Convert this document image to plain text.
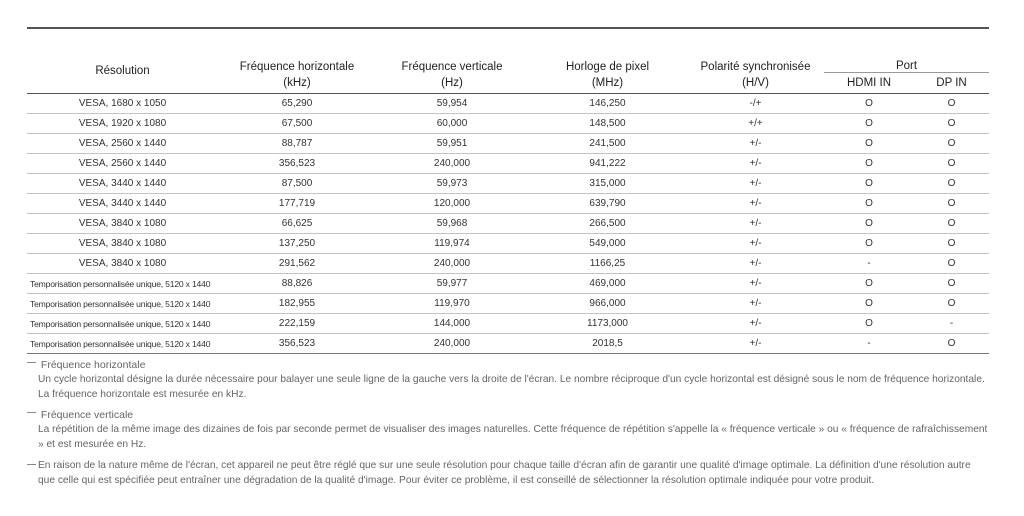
Résolution	Fréquence horizontale	Fréquence verticale	Horloge de pixel	Polarité synchronisée	Port	
	(kHz)	(Hz)	(MHz)	(H/V)	HDMI IN	DP IN
VESA, 1680 x 1050	65,290	59,954	146,250	-/+	O	O
VESA, 1920 x 1080	67,500	60,000	148,500	+/+	O	O
VESA, 2560 x 1440	88,787	59,951	241,500	+/-	O	O
VESA, 2560 x 1440	356,523	240,000	941,222	+/-	O	O
VESA, 3440 x 1440	87,500	59,973	315,000	+/-	O	O
VESA, 3440 x 1440	177,719	120,000	639,790	+/-	O	O
VESA, 3840 x 1080	66,625	59,968	266,500	+/-	O	O
VESA, 3840 x 1080	137,250	119,974	549,000	+/-	O	O
VESA, 3840 x 1080	291,562	240,000	1166,25	+/-	-	O
Temporisation personnalisée unique, 5120 x 1440	88,826	59,977	469,000	+/-	O	O
Temporisation personnalisée unique, 5120 x 1440	182,955	119,970	966,000	+/-	O	O
Temporisation personnalisée unique, 5120 x 1440	222,159	144,000	1173,000	+/-	O	-
Temporisation personnalisée unique, 5120 x 1440	356,523	240,000	2018,5	+/-	-	O
Fréquence horizontale
Un cycle horizontal désigne la durée nécessaire pour balayer une seule ligne de la gauche vers la droite de l'écran. Le nombre réciproque d'un cycle horizontal est désigné sous le nom de fréquence horizontale. La fréquence horizontale est mesurée en kHz.
Fréquence verticale
La répétition de la même image des dizaines de fois par seconde permet de visualiser des images naturelles. Cette fréquence de répétition s'appelle la « fréquence verticale » ou « fréquence de rafraîchissement » et est mesurée en Hz.
En raison de la nature même de l'écran, cet appareil ne peut être réglé que sur une seule résolution pour chaque taille d'écran afin de garantir une qualité d'image optimale. La définition d'une résolution autre que celle qui est spécifiée peut entraîner une dégradation de la qualité d'image. Pour éviter ce problème, il est conseillé de sélectionner la résolution optimale indiquée pour votre produit.
